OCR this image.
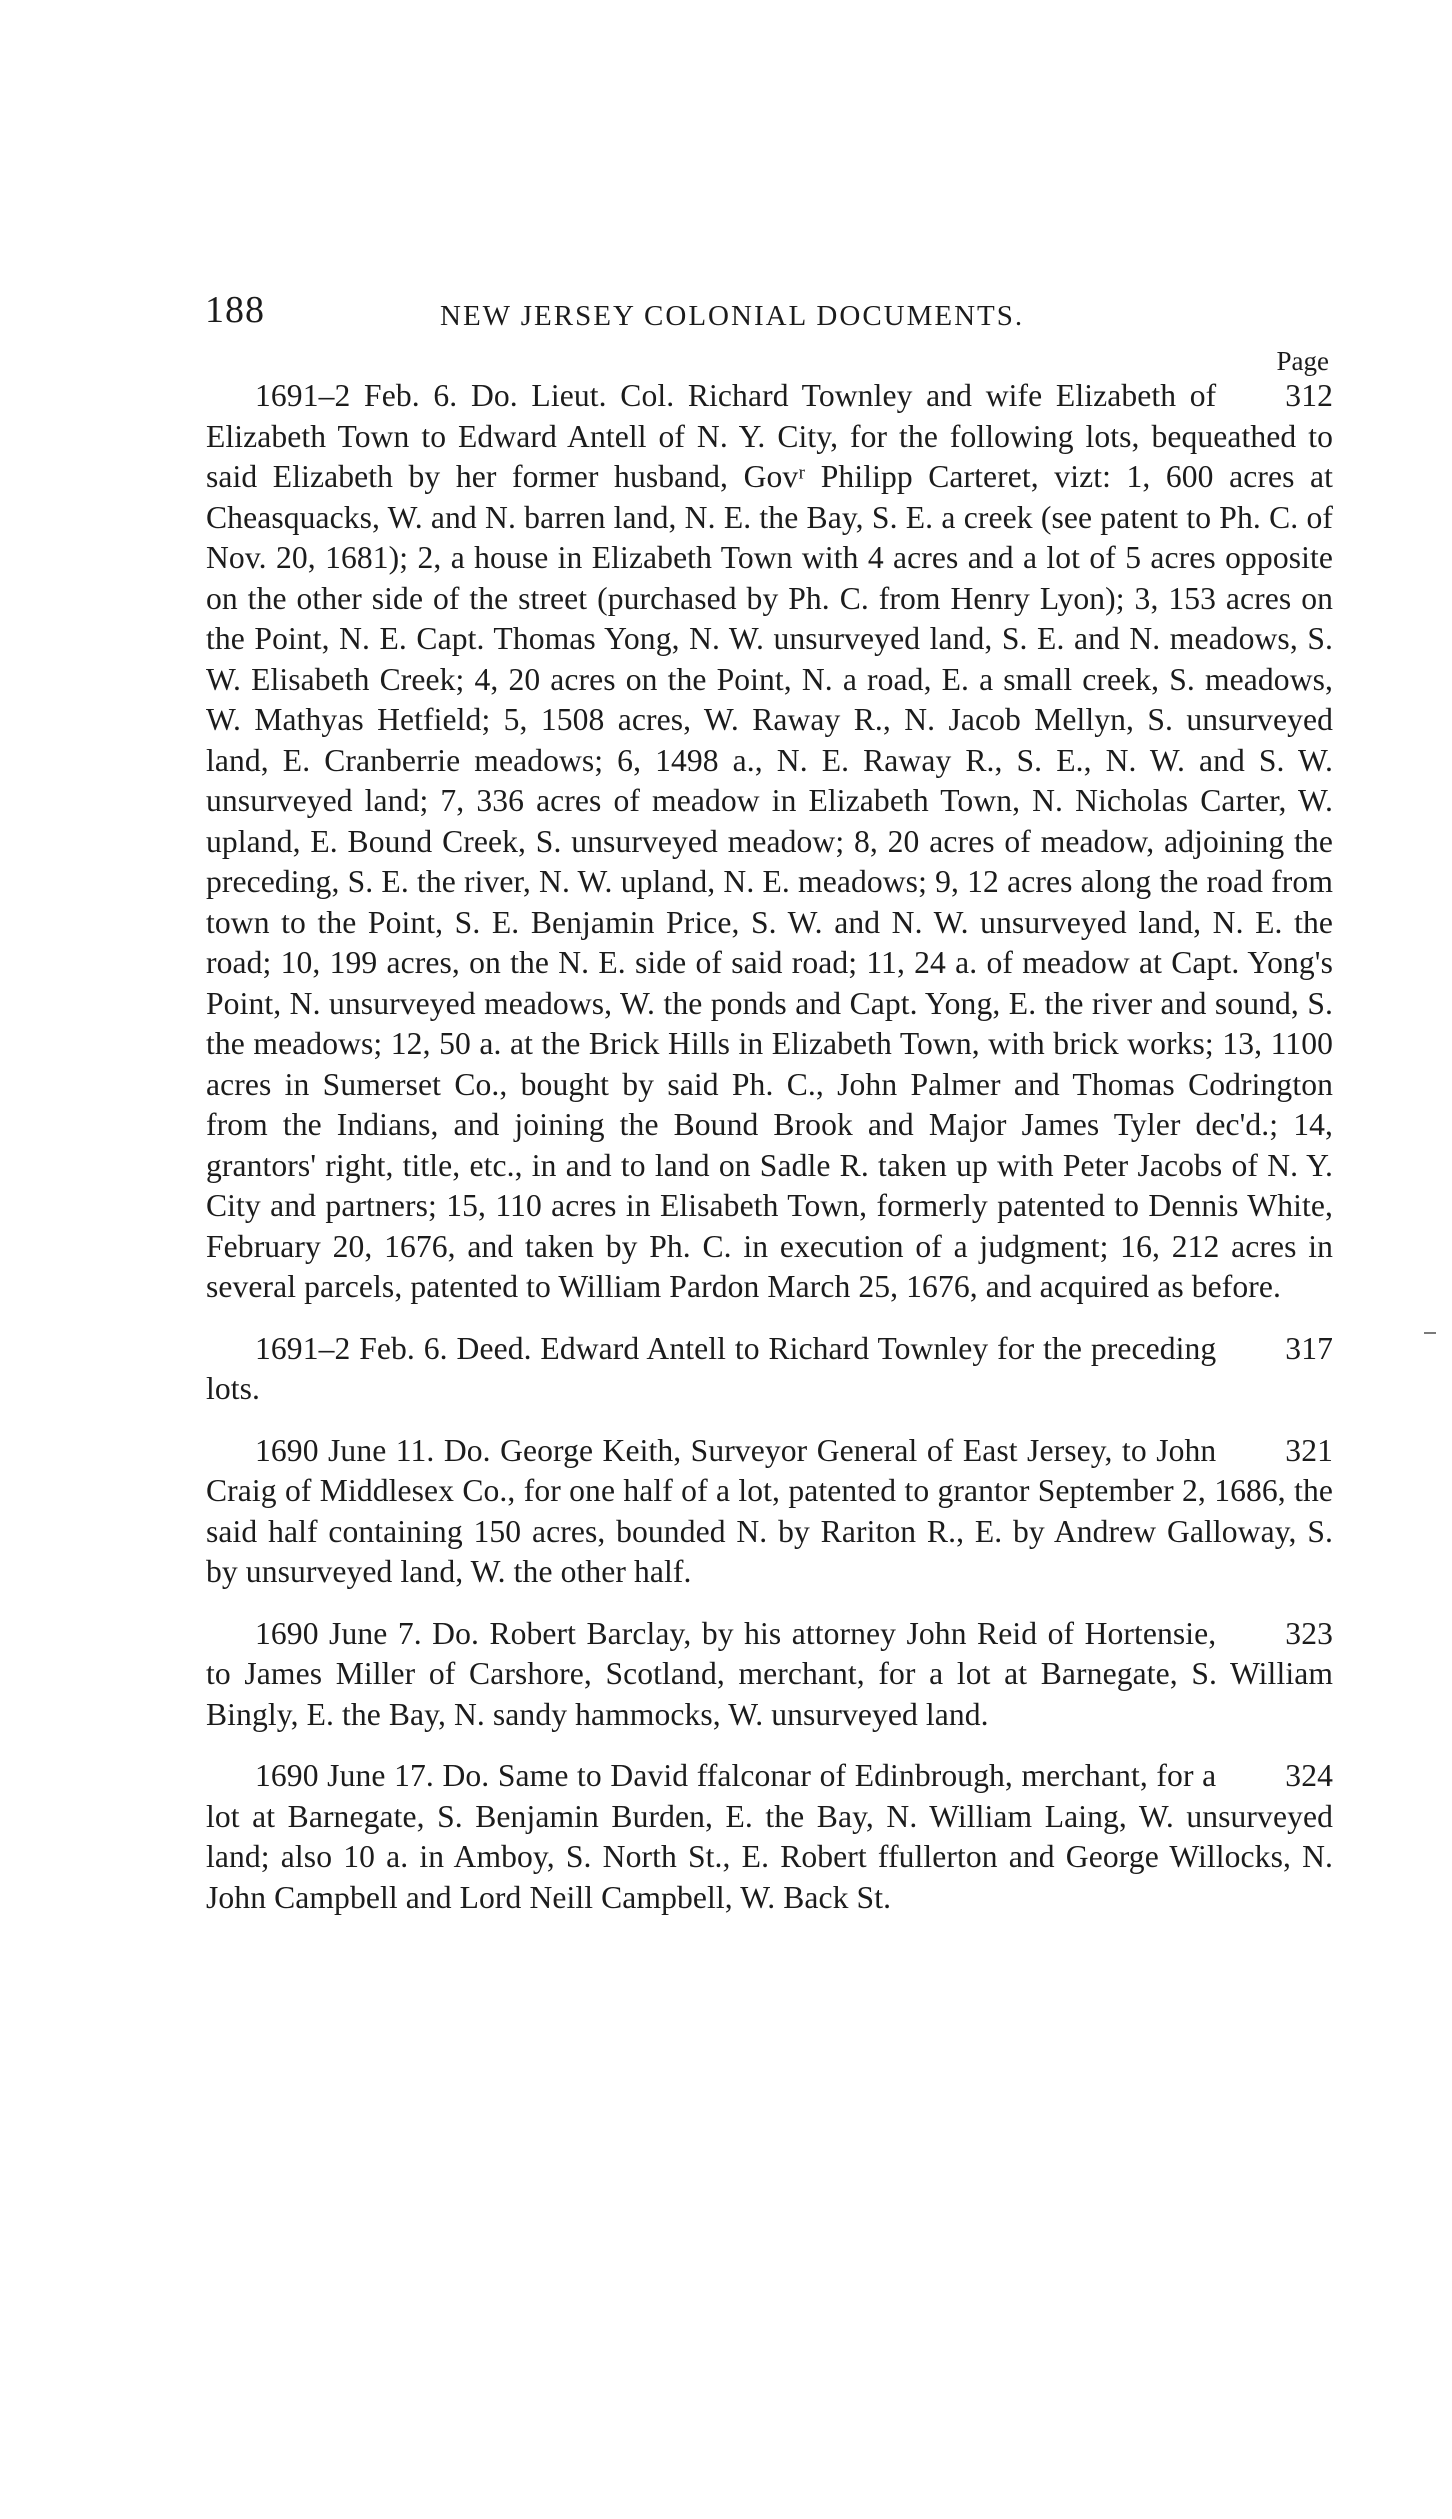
188	NEW JERSEY COLONIAL DOCUMENTS.
Page

312
1691–2 Feb. 6. Do. Lieut. Col. Richard Townley and wife Elizabeth of Elizabeth Town to Edward Antell of N. Y. City, for the following lots, bequeathed to said Elizabeth by her former husband, Govʳ Philipp Carteret, vizt: 1, 600 acres at Cheasquacks, W. and N. barren land, N. E. the Bay, S. E. a creek (see patent to Ph. C. of Nov. 20, 1681); 2, a house in Elizabeth Town with 4 acres and a lot of 5 acres opposite on the other side of the street (purchased by Ph. C. from Henry Lyon); 3, 153 acres on the Point, N. E. Capt. Thomas Yong, N. W. unsurveyed land, S. E. and N. meadows, S. W. Elisabeth Creek; 4, 20 acres on the Point, N. a road, E. a small creek, S. meadows, W. Mathyas Hetfield; 5, 1508 acres, W. Raway R., N. Jacob Mellyn, S. unsurveyed land, E. Cranberrie meadows; 6, 1498 a., N. E. Raway R., S. E., N. W. and S. W. unsurveyed land; 7, 336 acres of meadow in Elizabeth Town, N. Nicholas Carter, W. upland, E. Bound Creek, S. unsurveyed meadow; 8, 20 acres of meadow, adjoining the preceding, S. E. the river, N. W. upland, N. E. meadows; 9, 12 acres along the road from town to the Point, S. E. Benjamin Price, S. W. and N. W. unsurveyed land, N. E. the road; 10, 199 acres, on the N. E. side of said road; 11, 24 a. of meadow at Capt. Yong's Point, N. unsurveyed meadows, W. the ponds and Capt. Yong, E. the river and sound, S. the meadows; 12, 50 a. at the Brick Hills in Elizabeth Town, with brick works; 13, 1100 acres in Sumerset Co., bought by said Ph. C., John Palmer and Thomas Codrington from the Indians, and joining the Bound Brook and Major James Tyler dec'd.; 14, grantors' right, title, etc., in and to land on Sadle R. taken up with Peter Jacobs of N. Y. City and partners; 15, 110 acres in Elisabeth Town, formerly patented to Dennis White, February 20, 1676, and taken by Ph. C. in execution of a judgment; 16, 212 acres in several parcels, patented to William Pardon March 25, 1676, and acquired as before.

317
1691–2 Feb. 6. Deed. Edward Antell to Richard Townley for the preceding lots.

321
1690 June 11. Do. George Keith, Surveyor General of East Jersey, to John Craig of Middlesex Co., for one half of a lot, patented to grantor September 2, 1686, the said half containing 150 acres, bounded N. by Rariton R., E. by Andrew Galloway, S. by unsurveyed land, W. the other half.

323
1690 June 7. Do. Robert Barclay, by his attorney John Reid of Hortensie, to James Miller of Carshore, Scotland, merchant, for a lot at Barnegate, S. William Bingly, E. the Bay, N. sandy hammocks, W. unsurveyed land.

324
1690 June 17. Do. Same to David ffalconar of Edinbrough, merchant, for a lot at Barnegate, S. Benjamin Burden, E. the Bay, N. William Laing, W. unsurveyed land; also 10 a. in Amboy, S. North St., E. Robert ffullerton and George Willocks, N. John Campbell and Lord Neill Campbell, W. Back St.
